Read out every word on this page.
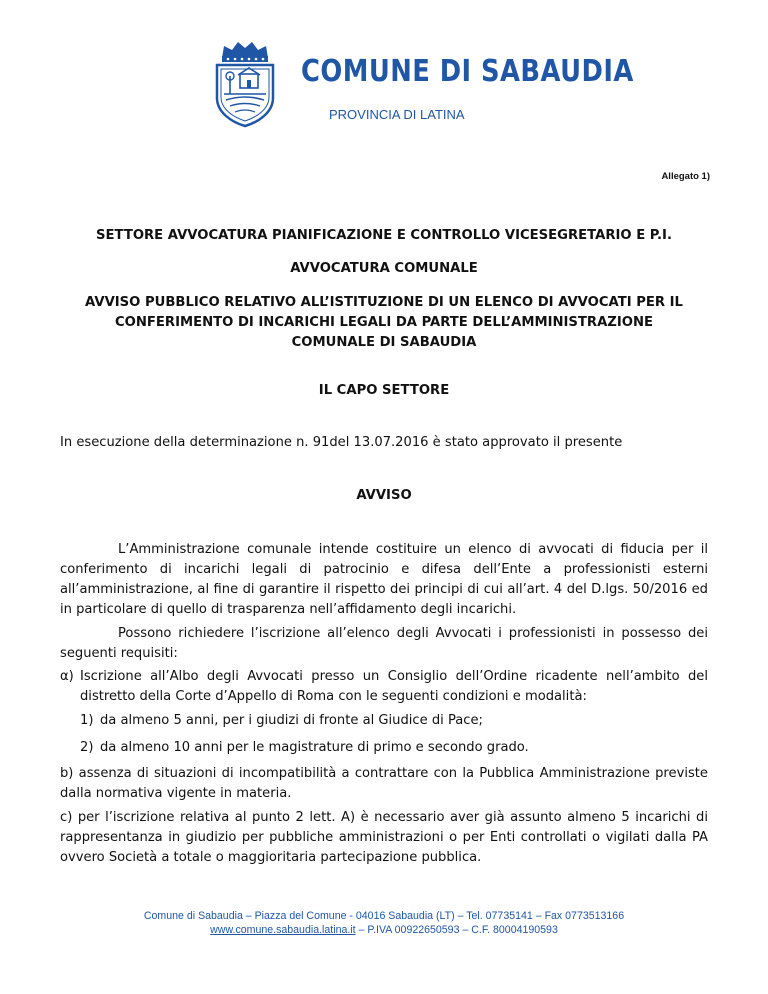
COMUNE DI SABAUDIA
PROVINCIA DI LATINA
Allegato 1)
SETTORE AVVOCATURA PIANIFICAZIONE E CONTROLLO VICESEGRETARIO E P.I.
AVVOCATURA COMUNALE
AVVISO PUBBLICO RELATIVO ALL’ISTITUZIONE DI UN ELENCO DI AVVOCATI PER IL
CONFERIMENTO DI INCARICHI LEGALI DA PARTE DELL’AMMINISTRAZIONE
COMUNALE DI SABAUDIA
IL CAPO SETTORE
In esecuzione della determinazione n. 91del 13.07.2016 è stato approvato il presente
AVVISO
L’Amministrazione comunale intende costituire un elenco di avvocati di fiducia per il conferimento di incarichi legali di patrocinio e difesa dell’Ente a professionisti esterni all’amministrazione, al fine di garantire il rispetto dei principi di cui all’art. 4 del D.lgs. 50/2016 ed in particolare di quello di trasparenza nell’affidamento degli incarichi.
Possono richiedere l’iscrizione all’elenco degli Avvocati i professionisti in possesso dei seguenti requisiti:
α) Iscrizione all’Albo degli Avvocati presso un Consiglio dell’Ordine ricadente nell’ambito del distretto della Corte d’Appello di Roma con le seguenti condizioni e modalità:
1) da almeno 5 anni, per i giudizi di fronte al Giudice di Pace;
2) da almeno 10 anni per le magistrature di primo e secondo grado.
b) assenza di situazioni di incompatibilità a contrattare con la Pubblica Amministrazione previste dalla normativa vigente in materia.
c) per l’iscrizione relativa al punto 2 lett. A) è necessario aver già assunto almeno 5 incarichi di rappresentanza in giudizio per pubbliche amministrazioni o per Enti controllati o vigilati dalla PA ovvero Società a totale o maggioritaria partecipazione pubblica.
Comune di Sabaudia – Piazza del Comune - 04016 Sabaudia (LT) – Tel. 07735141 – Fax 0773513166
www.comune.sabaudia.latina.it – P.IVA 00922650593 – C.F. 80004190593
